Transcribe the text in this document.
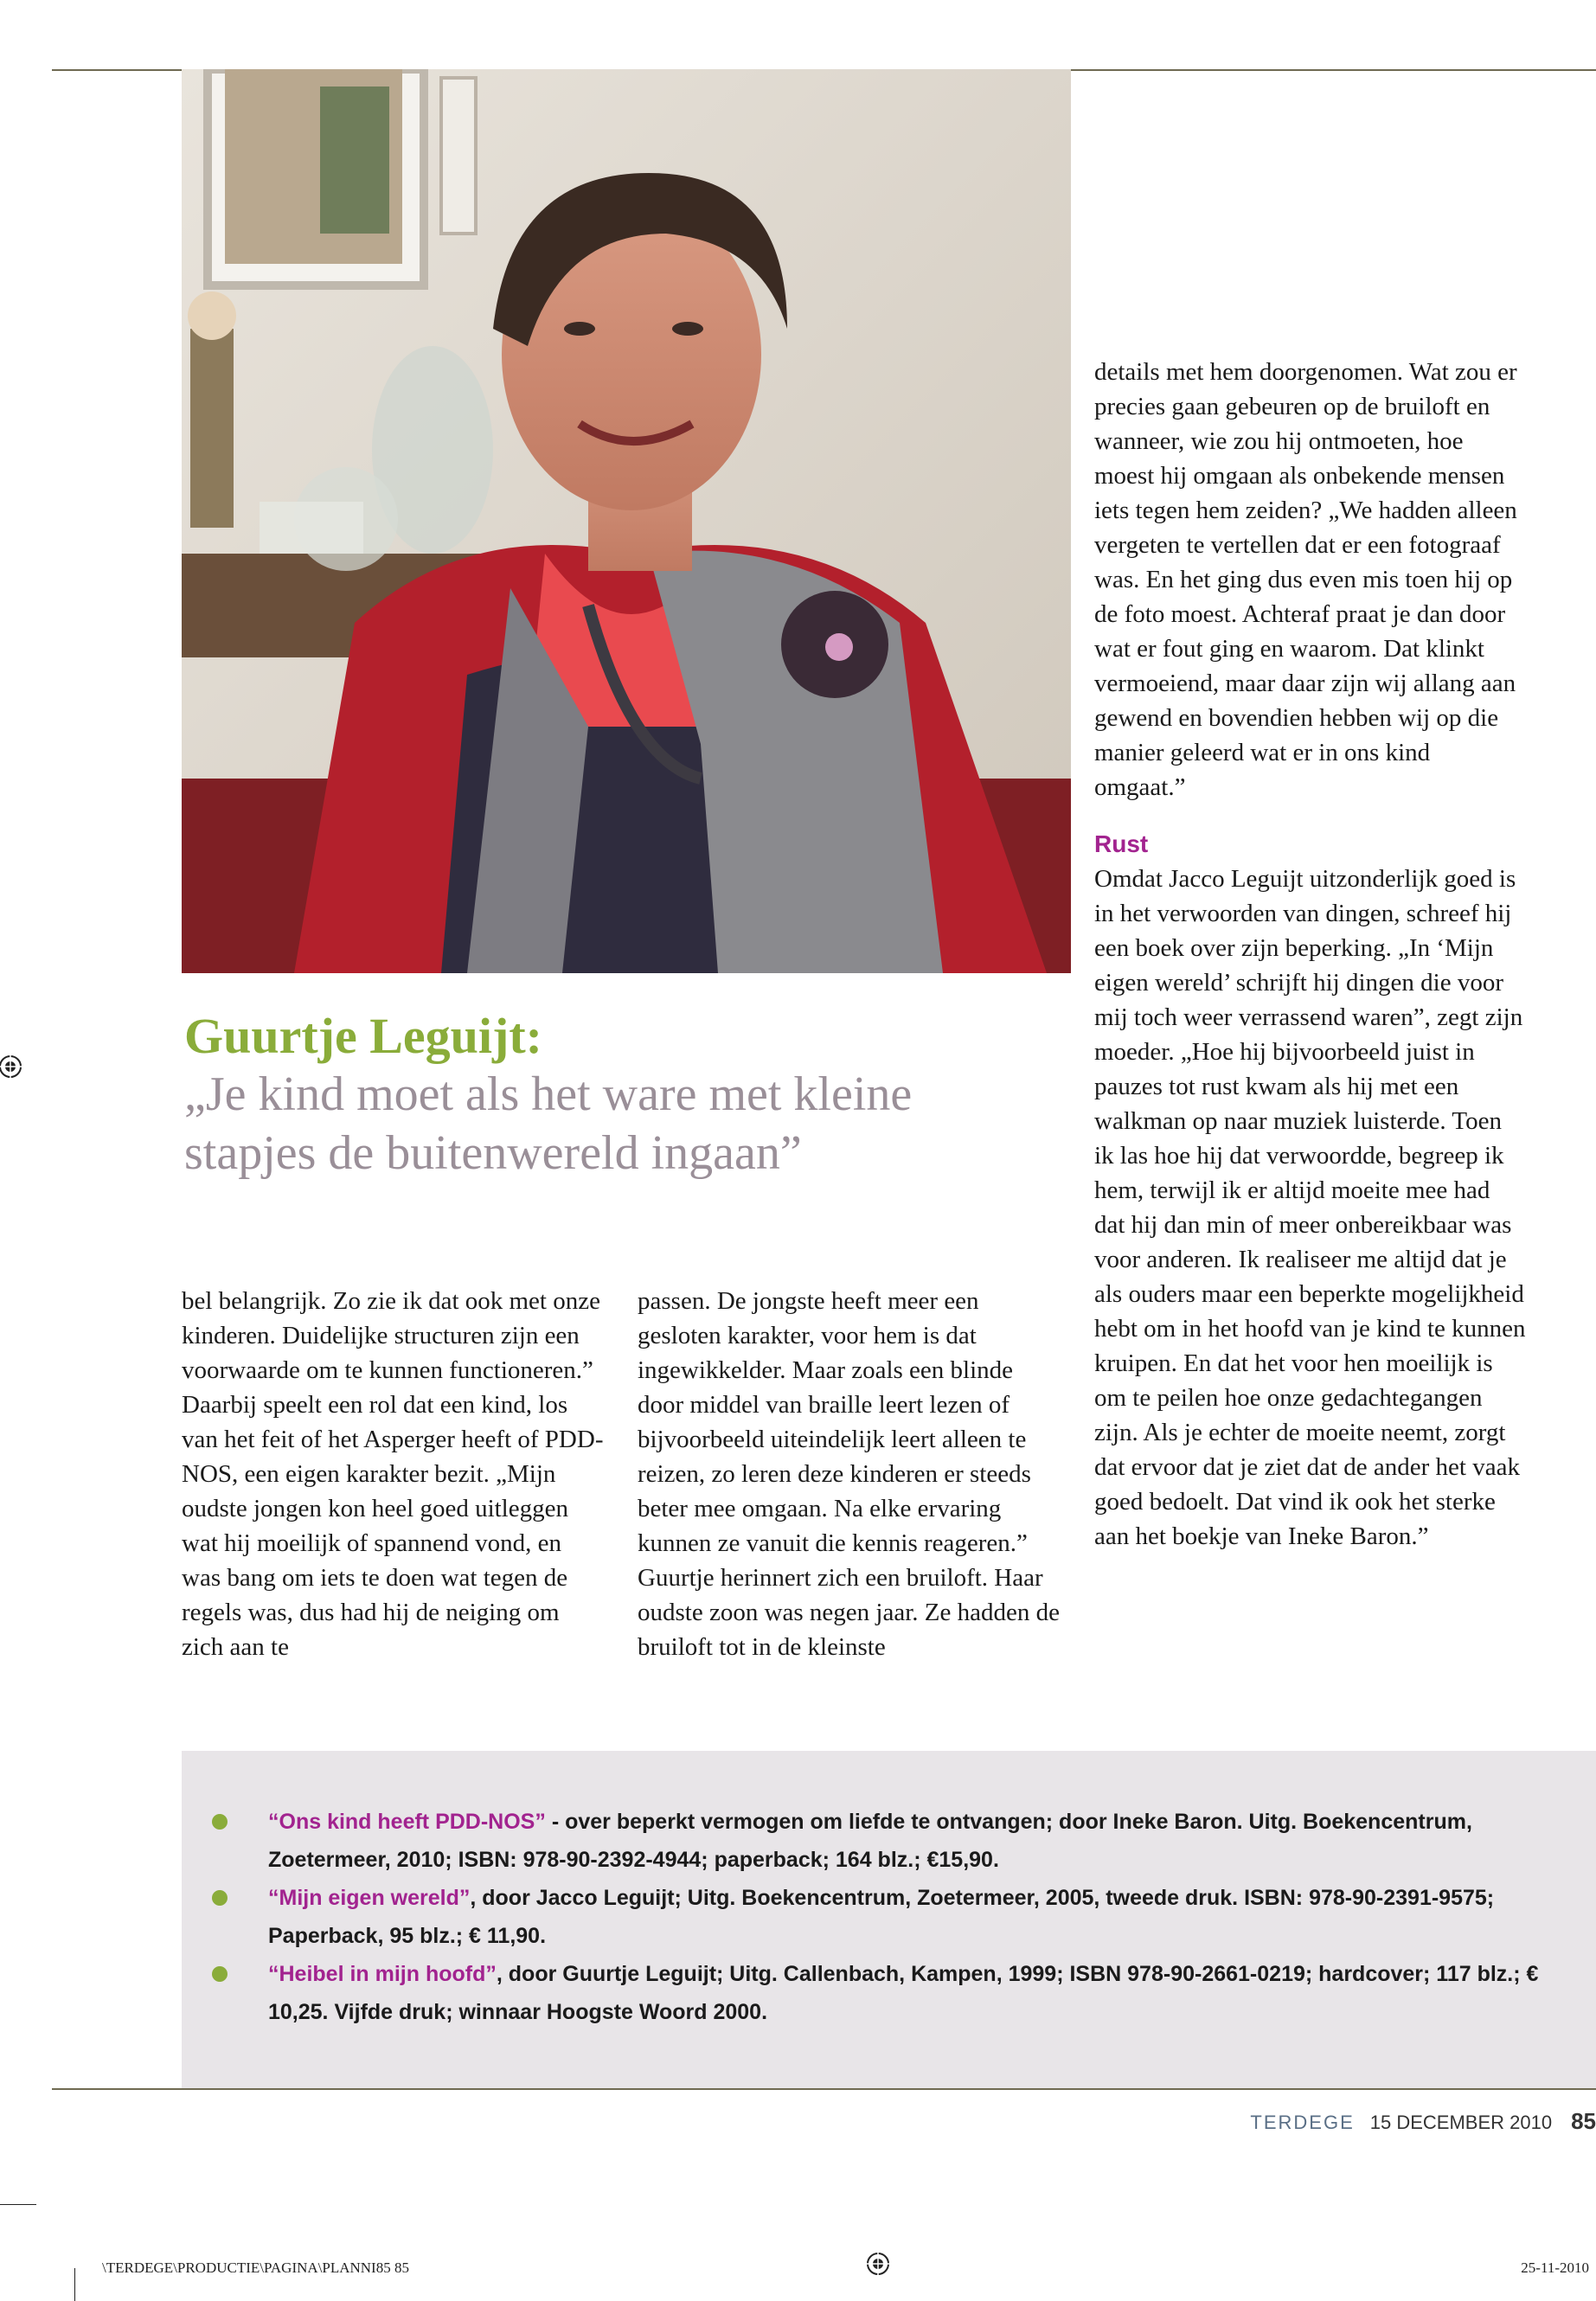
Guurtje Leguijt:
„Je kind moet als het ware met kleine
stapjes de buitenwereld ingaan”

bel belangrijk. Zo zie ik dat ook met onze kinderen. Duidelijke structuren zijn een voorwaarde om te kunnen functioneren.”

Daarbij speelt een rol dat een kind, los van het feit of het Asperger heeft of PDD-NOS, een eigen karakter bezit. „Mijn oudste jongen kon heel goed uitleggen wat hij moeilijk of spannend vond, en was bang om iets te doen wat tegen de regels was, dus had hij de neiging om zich aan te

passen. De jongste heeft meer een gesloten karakter, voor hem is dat ingewikkelder. Maar zoals een blinde door middel van braille leert lezen of bijvoorbeeld uiteindelijk leert alleen te reizen, zo leren deze kinderen er steeds beter mee omgaan. Na elke ervaring kunnen ze vanuit die kennis reageren.”

Guurtje herinnert zich een bruiloft. Haar oudste zoon was negen jaar. Ze hadden de bruiloft tot in de kleinste

details met hem doorgenomen. Wat zou er precies gaan gebeuren op de bruiloft en wanneer, wie zou hij ontmoeten, hoe moest hij omgaan als onbekende mensen iets tegen hem zeiden? „We hadden alleen vergeten te vertellen dat er een fotograaf was. En het ging dus even mis toen hij op de foto moest. Achteraf praat je dan door wat er fout ging en waarom. Dat klinkt vermoeiend, maar daar zijn wij allang aan gewend en bovendien hebben wij op die manier geleerd wat er in ons kind omgaat.”

Rust

Omdat Jacco Leguijt uitzonderlijk goed is in het verwoorden van dingen, schreef hij een boek over zijn beperking. „In ‘Mijn eigen wereld’ schrijft hij dingen die voor mij toch weer verrassend waren”, zegt zijn moeder. „Hoe hij bijvoorbeeld juist in pauzes tot rust kwam als hij met een walkman op naar muziek luisterde. Toen ik las hoe hij dat verwoordde, begreep ik hem, terwijl ik er altijd moeite mee had dat hij dan min of meer onbereikbaar was voor anderen. Ik realiseer me altijd dat je als ouders maar een beperkte mogelijkheid hebt om in het hoofd van je kind te kunnen kruipen. En dat het voor hen moeilijk is om te peilen hoe onze gedachtegangen zijn. Als je echter de moeite neemt, zorgt dat ervoor dat je ziet dat de ander het vaak goed bedoelt. Dat vind ik ook het sterke aan het boekje van Ineke Baron.”

“Ons kind heeft PDD-NOS” - over beperkt vermogen om liefde te ontvangen; door Ineke Baron. Uitg. Boekencentrum, Zoetermeer, 2010; ISBN: 978-90-2392-4944; paperback; 164 blz.; €15,90.
“Mijn eigen wereld”, door Jacco Leguijt; Uitg. Boekencentrum, Zoetermeer, 2005, tweede druk. ISBN: 978-90-2391-9575; Paperback, 95 blz.; € 11,90.
“Heibel in mijn hoofd”, door Guurtje Leguijt; Uitg. Callenbach, Kampen, 1999; ISBN 978-90-2661-0219; hardcover; 117 blz.; € 10,25. Vijfde druk; winnaar Hoogste Woord 2000.
TERDEGE 15 DECEMBER 2010 85
\TERDEGE\PRODUCTIE\PAGINA\PLANNI85 85	25-11-2010
